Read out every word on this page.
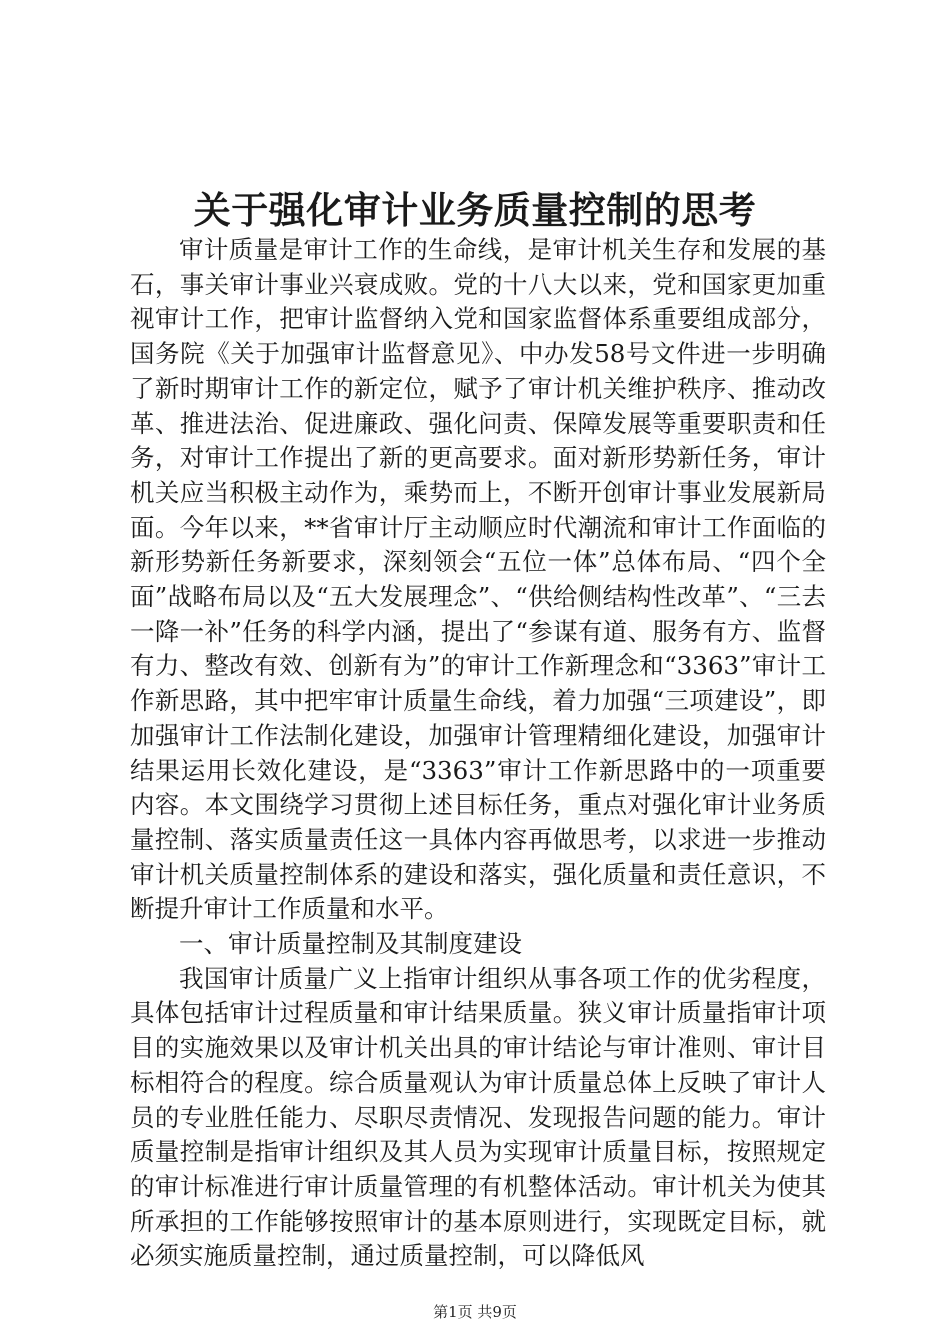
关于强化审计业务质量控制的思考

审计质量是审计工作的生命线，是审计机关生存和发展的基石，事关审计事业兴衰成败。党的十八大以来，党和国家更加重视审计工作，把审计监督纳入党和国家监督体系重要组成部分，国务院《关于加强审计监督意见》、中办发58号文件进一步明确了新时期审计工作的新定位，赋予了审计机关维护秩序、推动改革、推进法治、促进廉政、强化问责、保障发展等重要职责和任务，对审计工作提出了新的更高要求。面对新形势新任务，审计机关应当积极主动作为，乘势而上，不断开创审计事业发展新局面。今年以来，**省审计厅主动顺应时代潮流和审计工作面临的新形势新任务新要求，深刻领会“五位一体”总体布局、“四个全面”战略布局以及“五大发展理念”、“供给侧结构性改革”、“三去一降一补”任务的科学内涵，提出了“参谋有道、服务有方、监督有力、整改有效、创新有为”的审计工作新理念和“3363”审计工作新思路，其中把牢审计质量生命线，着力加强“三项建设”，即加强审计工作法制化建设，加强审计管理精细化建设，加强审计结果运用长效化建设，是“3363”审计工作新思路中的一项重要内容。本文围绕学习贯彻上述目标任务，重点对强化审计业务质量控制、落实质量责任这一具体内容再做思考，以求进一步推动审计机关质量控制体系的建设和落实，强化质量和责任意识，不断提升审计工作质量和水平。

一、审计质量控制及其制度建设

我国审计质量广义上指审计组织从事各项工作的优劣程度，具体包括审计过程质量和审计结果质量。狭义审计质量指审计项目的实施效果以及审计机关出具的审计结论与审计准则、审计目标相符合的程度。综合质量观认为审计质量总体上反映了审计人员的专业胜任能力、尽职尽责情况、发现报告问题的能力。审计质量控制是指审计组织及其人员为实现审计质量目标，按照规定的审计标准进行审计质量管理的有机整体活动。审计机关为使其所承担的工作能够按照审计的基本原则进行，实现既定目标，就必须实施质量控制，通过质量控制，可以降低风

第1页 共9页
